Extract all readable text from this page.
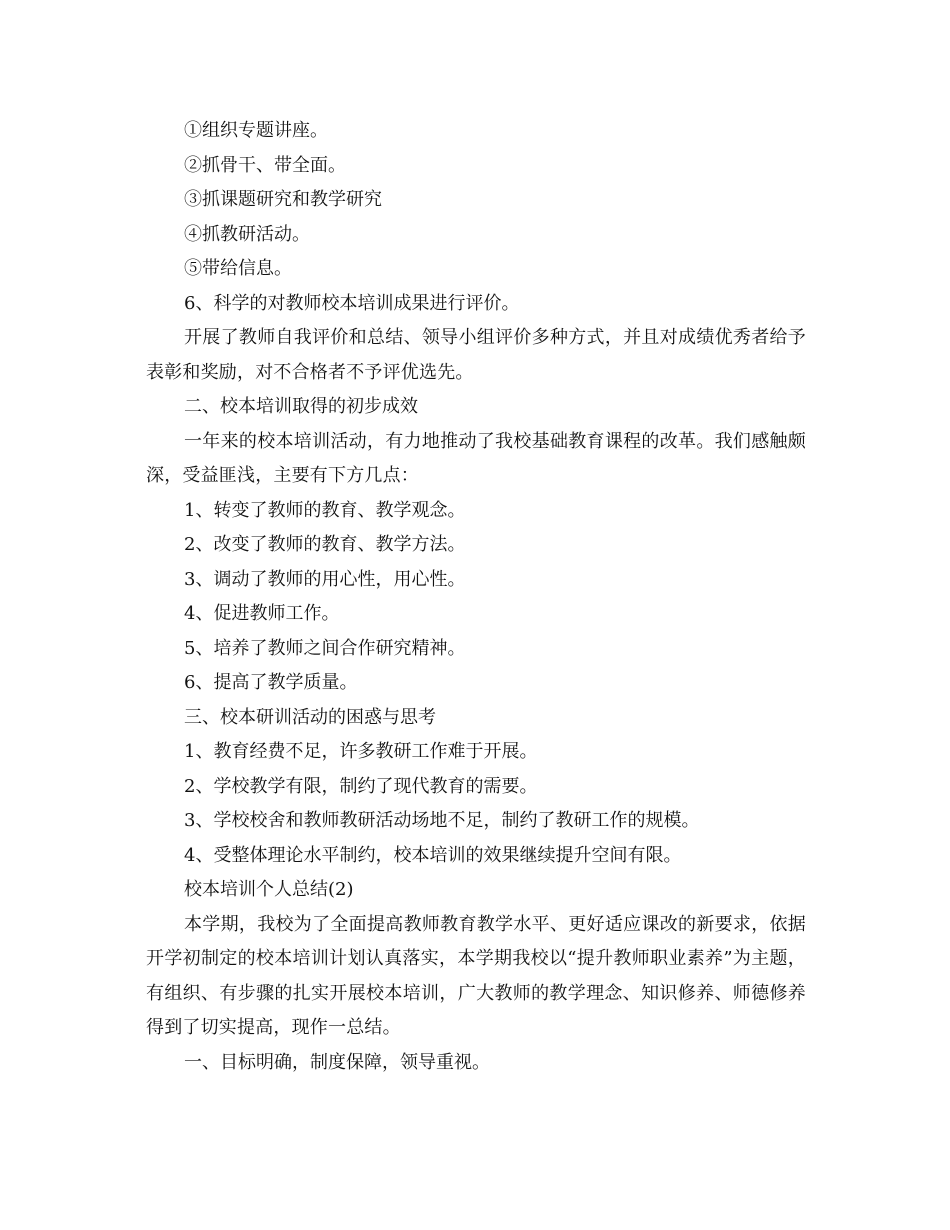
①组织专题讲座。

②抓骨干、带全面。

③抓课题研究和教学研究

④抓教研活动。

⑤带给信息。

6、科学的对教师校本培训成果进行评价。

开展了教师自我评价和总结、领导小组评价多种方式，并且对成绩优秀者给予表彰和奖励，对不合格者不予评优选先。

二、校本培训取得的初步成效

一年来的校本培训活动，有力地推动了我校基础教育课程的改革。我们感触颇深，受益匪浅，主要有下方几点：

1、转变了教师的教育、教学观念。

2、改变了教师的教育、教学方法。

3、调动了教师的用心性，用心性。

4、促进教师工作。

5、培养了教师之间合作研究精神。

6、提高了教学质量。

三、校本研训活动的困惑与思考

1、教育经费不足，许多教研工作难于开展。

2、学校教学有限，制约了现代教育的需要。

3、学校校舍和教师教研活动场地不足，制约了教研工作的规模。

4、受整体理论水平制约，校本培训的效果继续提升空间有限。

校本培训个人总结(2)

本学期，我校为了全面提高教师教育教学水平、更好适应课改的新要求，依据开学初制定的校本培训计划认真落实，本学期我校以“提升教师职业素养”为主题，有组织、有步骤的扎实开展校本培训，广大教师的教学理念、知识修养、师德修养得到了切实提高，现作一总结。

一、目标明确，制度保障，领导重视。
